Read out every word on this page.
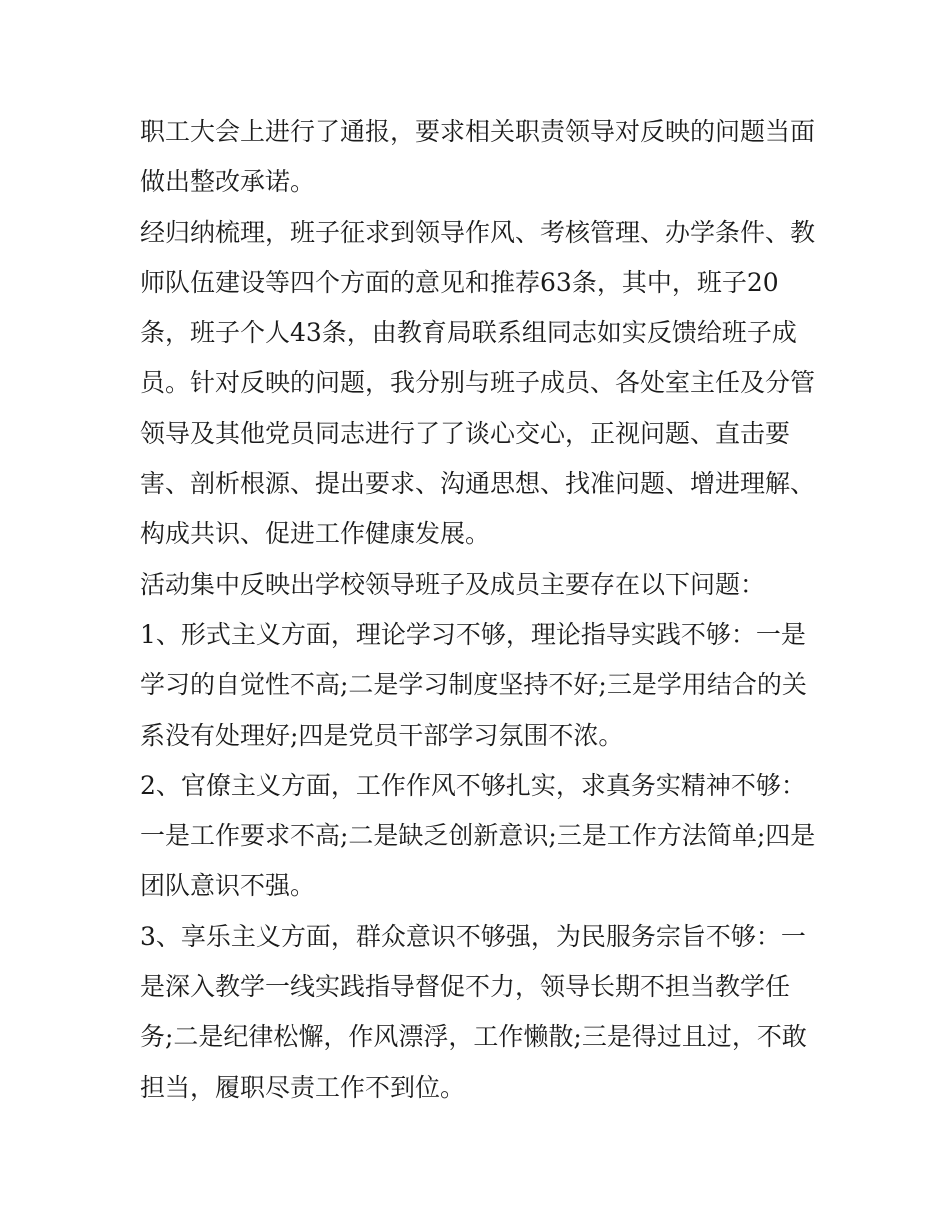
职工大会上进行了通报，要求相关职责领导对反映的问题当面
做出整改承诺。
经归纳梳理，班子征求到领导作风、考核管理、办学条件、教
师队伍建设等四个方面的意见和推荐63条，其中，班子20
条，班子个人43条，由教育局联系组同志如实反馈给班子成
员。针对反映的问题，我分别与班子成员、各处室主任及分管
领导及其他党员同志进行了了谈心交心，正视问题、直击要
害、剖析根源、提出要求、沟通思想、找准问题、增进理解、
构成共识、促进工作健康发展。
活动集中反映出学校领导班子及成员主要存在以下问题：
1、形式主义方面，理论学习不够，理论指导实践不够：一是
学习的自觉性不高;二是学习制度坚持不好;三是学用结合的关
系没有处理好;四是党员干部学习氛围不浓。
2、官僚主义方面，工作作风不够扎实，求真务实精神不够：
一是工作要求不高;二是缺乏创新意识;三是工作方法简单;四是
团队意识不强。
3、享乐主义方面，群众意识不够强，为民服务宗旨不够：一
是深入教学一线实践指导督促不力，领导长期不担当教学任
务;二是纪律松懈，作风漂浮，工作懒散;三是得过且过，不敢
担当，履职尽责工作不到位。
